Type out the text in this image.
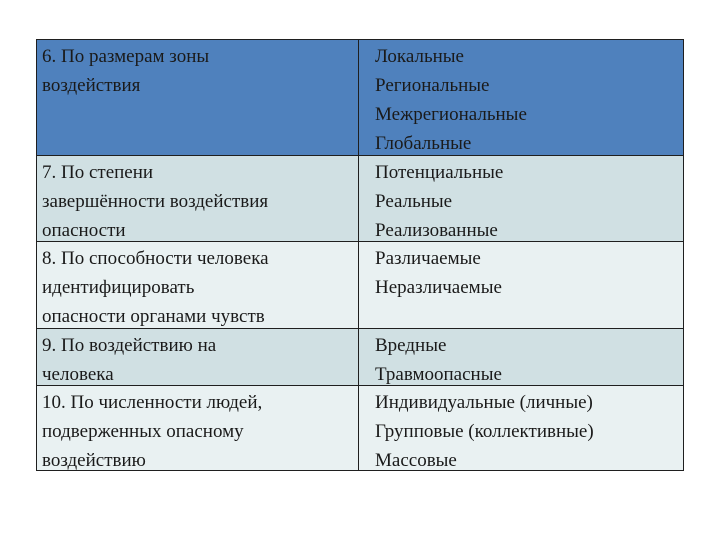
6. По размерам зоны
воздействия
Локальные
Региональные
Межрегиональные
Глобальные
7. По степени
завершённости воздействия
опасности
Потенциальные
Реальные
Реализованные
8. По способности человека
идентифицировать
опасности органами чувств
Различаемые
Неразличаемые
9. По воздействию на
человека
Вредные
Травмоопасные
10. По численности людей,
подверженных опасному
воздействию
Индивидуальные (личные)
Групповые (коллективные)
Массовые
